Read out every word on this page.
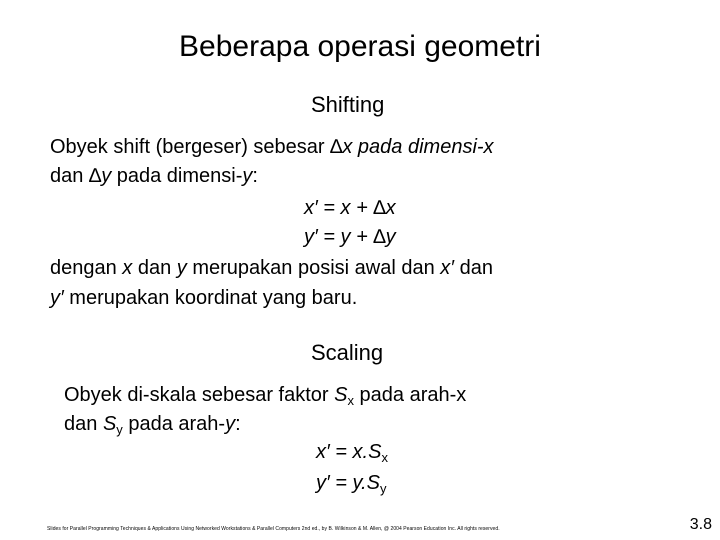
Beberapa operasi geometri
Shifting
Obyek shift (bergeser) sebesar ∆x pada dimensi-x
dan ∆y pada dimensi-y:
x′ = x + ∆x
y′ = y + ∆y
dengan x dan y merupakan posisi awal dan x′ dan
y′ merupakan koordinat yang baru.
Scaling
Obyek di-skala sebesar faktor $S_x$ pada arah-x
dan $S_y$ pada arah-y:
$x' = x.S_x$
$y' = y.S_y$
Slides for Parallel Programming Techniques & Applications Using Networked Workstations & Parallel Computers 2nd ed., by B. Wilkinson & M. Allen, @ 2004 Pearson Education Inc. All rights reserved.	3.8
